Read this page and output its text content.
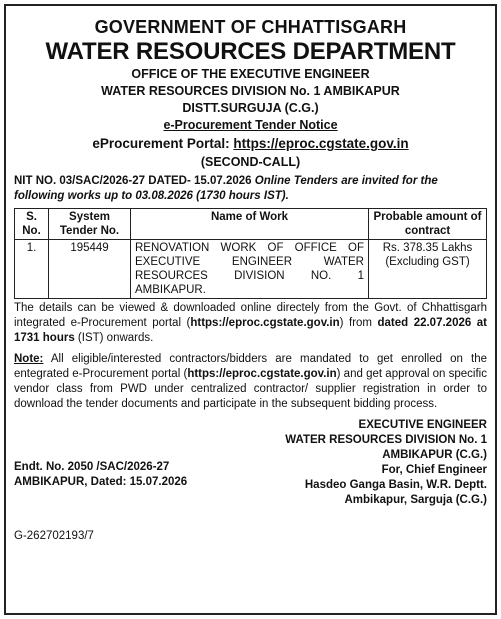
GOVERNMENT OF CHHATTISGARH
WATER RESOURCES DEPARTMENT
OFFICE OF THE EXECUTIVE ENGINEER
WATER RESOURCES DIVISION No. 1 AMBIKAPUR
DISTT.SURGUJA (C.G.)
e-Procurement Tender Notice
eProcurement Portal: https://eproc.cgstate.gov.in
(SECOND-CALL)
NIT NO. 03/SAC/2026-27 DATED- 15.07.2026 Online Tenders are invited for the following works up to 03.08.2026 (1730 hours IST).
S. No.	System Tender No.	Name of Work	Probable amount of contract
1.	195449	RENOVATION WORK OF OFFICE OF EXECUTIVE ENGINEER WATER RESOURCES DIVISION NO. 1 AMBIKAPUR.	Rs. 378.35 Lakhs
(Excluding GST)

The details can be viewed & downloaded online directely from the Govt. of Chhattisgarh integrated e-Procurement portal (https://eproc.cgstate.gov.in) from dated 22.07.2026 at 1731 hours (IST) onwards.

Note: All eligible/interested contractors/bidders are mandated to get enrolled on the entegrated e-Procurement portal (https://eproc.cgstate.gov.in) and get approval on specific vendor class from PWD under centralized contractor/ supplier registration in order to download the tender documents and participate in the subsequent bidding process.

EXECUTIVE ENGINEER
WATER RESOURCES DIVISION No. 1
AMBIKAPUR (C.G.)
For, Chief Engineer
Hasdeo Ganga Basin, W.R. Deptt.
Ambikapur, Sarguja (C.G.)
Endt. No. 2050 /SAC/2026-27
AMBIKAPUR, Dated: 15.07.2026
G-262702193/7
